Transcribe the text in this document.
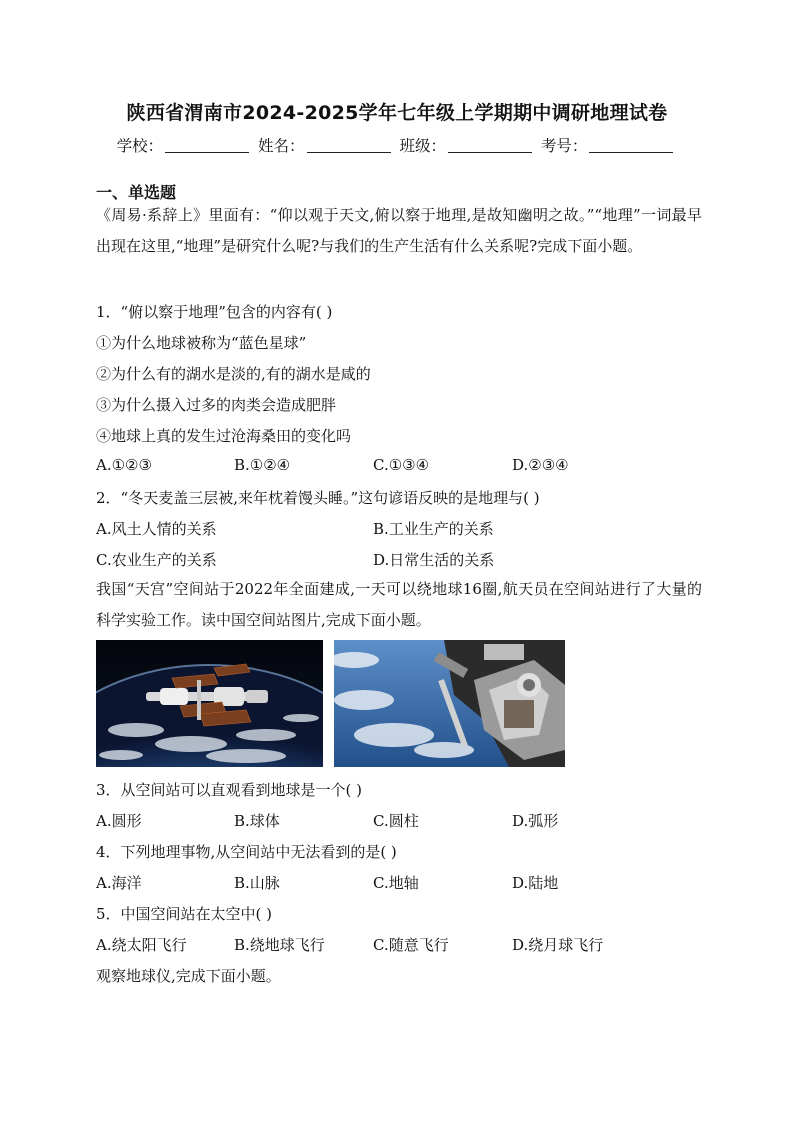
陕西省渭南市2024-2025学年七年级上学期期中调研地理试卷
学校：	姓名：	班级：	考号：
一、单选题
《周易·系辞上》里面有：“仰以观于天文,俯以察于地理,是故知幽明之故。”“地理”一词最早出现在这里,“地理”是研究什么呢?与我们的生产生活有什么关系呢?完成下面小题。
1．“俯以察于地理”包含的内容有( )
①为什么地球被称为“蓝色星球”
②为什么有的湖水是淡的,有的湖水是咸的
③为什么摄入过多的肉类会造成肥胖
④地球上真的发生过沧海桑田的变化吗
A.①②③	B.①②④	C.①③④	D.②③④
2．“冬天麦盖三层被,来年枕着馒头睡。”这句谚语反映的是地理与( )
A.风土人情的关系	B.工业生产的关系
C.农业生产的关系	D.日常生活的关系
我国“天宫”空间站于2022年全面建成,一天可以绕地球16圈,航天员在空间站进行了大量的科学实验工作。读中国空间站图片,完成下面小题。
3．从空间站可以直观看到地球是一个( )
A.圆形	B.球体	C.圆柱	D.弧形
4．下列地理事物,从空间站中无法看到的是( )
A.海洋	B.山脉	C.地轴	D.陆地
5．中国空间站在太空中( )
A.绕太阳飞行	B.绕地球飞行	C.随意飞行	D.绕月球飞行
观察地球仪,完成下面小题。
